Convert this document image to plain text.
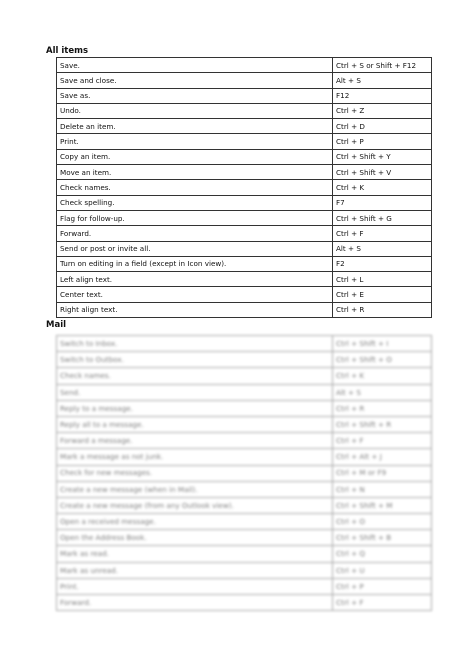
All items
Save.	Ctrl + S or Shift + F12
Save and close.	Alt + S
Save as.	F12
Undo.	Ctrl + Z
Delete an item.	Ctrl + D
Print.	Ctrl + P
Copy an item.	Ctrl + Shift + Y
Move an item.	Ctrl + Shift + V
Check names.	Ctrl + K
Check spelling.	F7
Flag for follow-up.	Ctrl + Shift + G
Forward.	Ctrl + F
Send or post or invite all.	Alt + S
Turn on editing in a field (except in Icon view).	F2
Left align text.	Ctrl + L
Center text.	Ctrl + E
Right align text.	Ctrl + R
Mail
Switch to Inbox.	Ctrl + Shift + I
Switch to Outbox.	Ctrl + Shift + O
Check names.	Ctrl + K
Send.	Alt + S
Reply to a message.	Ctrl + R
Reply all to a message.	Ctrl + Shift + R
Forward a message.	Ctrl + F
Mark a message as not junk.	Ctrl + Alt + J
Check for new messages.	Ctrl + M or F9
Create a new message (when in Mail).	Ctrl + N
Create a new message (from any Outlook view).	Ctrl + Shift + M
Open a received message.	Ctrl + O
Open the Address Book.	Ctrl + Shift + B
Mark as read.	Ctrl + Q
Mark as unread.	Ctrl + U
Print.	Ctrl + P
Forward.	Ctrl + F
